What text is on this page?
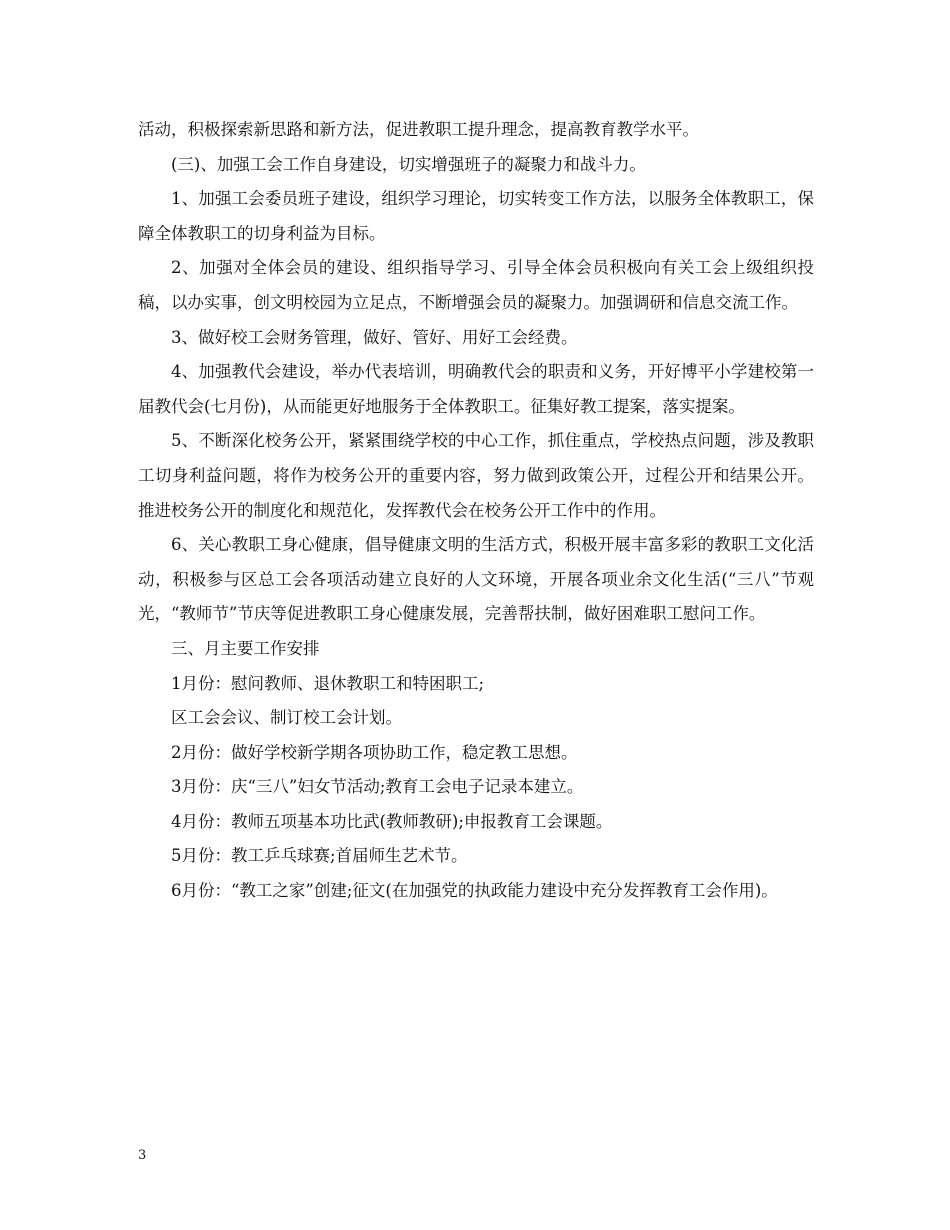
活动，积极探索新思路和新方法，促进教职工提升理念，提高教育教学水平。

(三)、加强工会工作自身建设，切实增强班子的凝聚力和战斗力。

1、加强工会委员班子建设，组织学习理论，切实转变工作方法，以服务全体教职工，保障全体教职工的切身利益为目标。

2、加强对全体会员的建设、组织指导学习、引导全体会员积极向有关工会上级组织投稿，以办实事，创文明校园为立足点，不断增强会员的凝聚力。加强调研和信息交流工作。

3、做好校工会财务管理，做好、管好、用好工会经费。

4、加强教代会建设，举办代表培训，明确教代会的职责和义务，开好博平小学建校第一届教代会(七月份)，从而能更好地服务于全体教职工。征集好教工提案，落实提案。

5、不断深化校务公开，紧紧围绕学校的中心工作，抓住重点，学校热点问题，涉及教职工切身利益问题，将作为校务公开的重要内容，努力做到政策公开，过程公开和结果公开。推进校务公开的制度化和规范化，发挥教代会在校务公开工作中的作用。

6、关心教职工身心健康，倡导健康文明的生活方式，积极开展丰富多彩的教职工文化活动，积极参与区总工会各项活动建立良好的人文环境，开展各项业余文化生活(“三八”节观光，“教师节”节庆等促进教职工身心健康发展，完善帮扶制，做好困难职工慰问工作。

三、月主要工作安排

1月份：慰问教师、退休教职工和特困职工;

区工会会议、制订校工会计划。

2月份：做好学校新学期各项协助工作，稳定教工思想。

3月份：庆“三八”妇女节活动;教育工会电子记录本建立。

4月份：教师五项基本功比武(教师教研);申报教育工会课题。

5月份：教工乒乓球赛;首届师生艺术节。

6月份：“教工之家”创建;征文(在加强党的执政能力建设中充分发挥教育工会作用)。

3
